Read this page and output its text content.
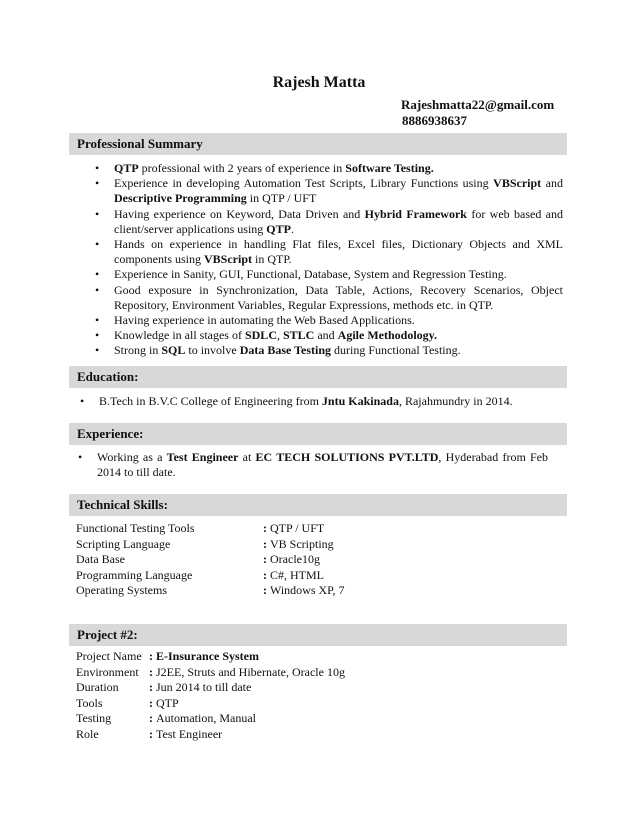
Rajesh Matta
Rajeshmatta22@gmail.com
8886938637
Professional Summary
• QTP professional with 2 years of experience in Software Testing.
• Experience in developing Automation Test Scripts, Library Functions using VBScript and Descriptive Programming in QTP / UFT
• Having experience on Keyword, Data Driven and Hybrid Framework for web based and client/server applications using QTP.
• Hands on experience in handling Flat files, Excel files, Dictionary Objects and XML components using VBScript in QTP.
• Experience in Sanity, GUI, Functional, Database, System and Regression Testing.
• Good exposure in Synchronization, Data Table, Actions, Recovery Scenarios, Object Repository, Environment Variables, Regular Expressions, methods etc. in QTP.
• Having experience in automating the Web Based Applications.
• Knowledge in all stages of SDLC, STLC and Agile Methodology.
• Strong in SQL to involve Data Base Testing during Functional Testing.
Education:
• B.Tech in B.V.C College of Engineering from Jntu Kakinada, Rajahmundry in 2014.
Experience:
• Working as a Test Engineer at EC TECH SOLUTIONS PVT.LTD, Hyderabad from Feb 2014 to till date.
Technical Skills:
Functional Testing Tools	: QTP / UFT
Scripting Language	: VB Scripting
Data Base	: Oracle10g
Programming Language	: C#, HTML
Operating Systems	: Windows XP, 7
Project #2:
Project Name : E-Insurance System
Environment : J2EE, Struts and Hibernate, Oracle 10g
Duration	: Jun 2014 to till date
Tools	: QTP
Testing	: Automation, Manual
Role	: Test Engineer
